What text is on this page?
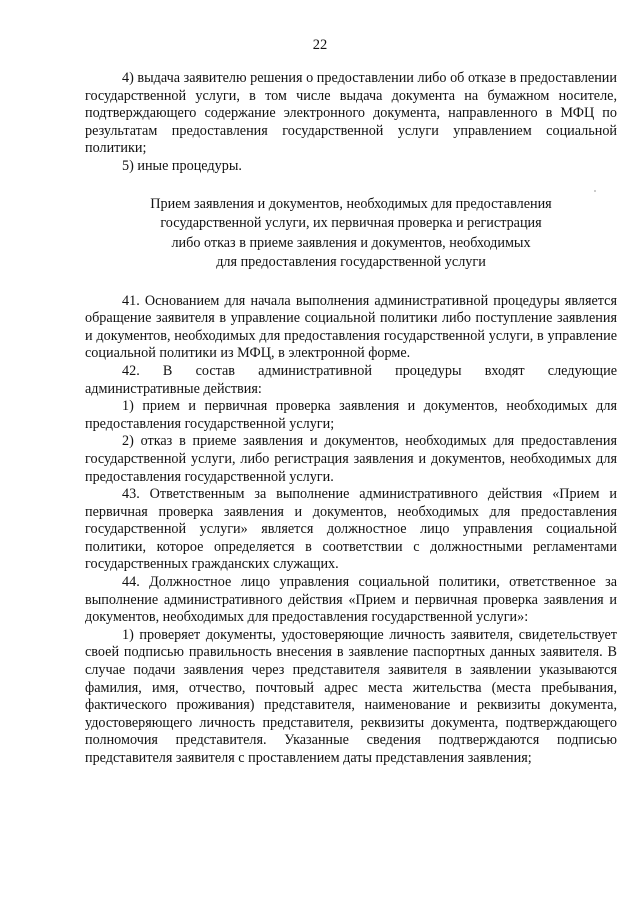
22

4) выдача заявителю решения о предоставлении либо об отказе в предоставлении государственной услуги, в том числе выдача документа на бумажном носителе, подтверждающего содержание электронного документа, направленного в МФЦ по результатам предоставления государственной услуги управлением социальной политики;

5) иные процедуры.

Прием заявления и документов, необходимых для предоставления
государственной услуги, их первичная проверка и регистрация
либо отказ в приеме заявления и документов, необходимых
для предоставления государственной услуги

41. Основанием для начала выполнения административной процедуры является обращение заявителя в управление социальной политики либо поступление заявления и документов, необходимых для предоставления государственной услуги, в управление социальной политики из МФЦ, в электронной форме.

42. В состав административной процедуры входят следующие административные действия:

1) прием и первичная проверка заявления и документов, необходимых для предоставления государственной услуги;

2) отказ в приеме заявления и документов, необходимых для предоставления государственной услуги, либо регистрация заявления и документов, необходимых для предоставления государственной услуги.

43. Ответственным за выполнение административного действия «Прием и первичная проверка заявления и документов, необходимых для предоставления государственной услуги» является должностное лицо управления социальной политики, которое определяется в соответствии с должностными регламентами государственных гражданских служащих.

44. Должностное лицо управления социальной политики, ответственное за выполнение административного действия «Прием и первичная проверка заявления и документов, необходимых для предоставления государственной услуги»:

1) проверяет документы, удостоверяющие личность заявителя, свидетельствует своей подписью правильность внесения в заявление паспортных данных заявителя. В случае подачи заявления через представителя заявителя в заявлении указываются фамилия, имя, отчество, почтовый адрес места жительства (места пребывания, фактического проживания) представителя, наименование и реквизиты документа, удостоверяющего личность представителя, реквизиты документа, подтверждающего полномочия представителя. Указанные сведения подтверждаются подписью представителя заявителя с проставлением даты представления заявления;
